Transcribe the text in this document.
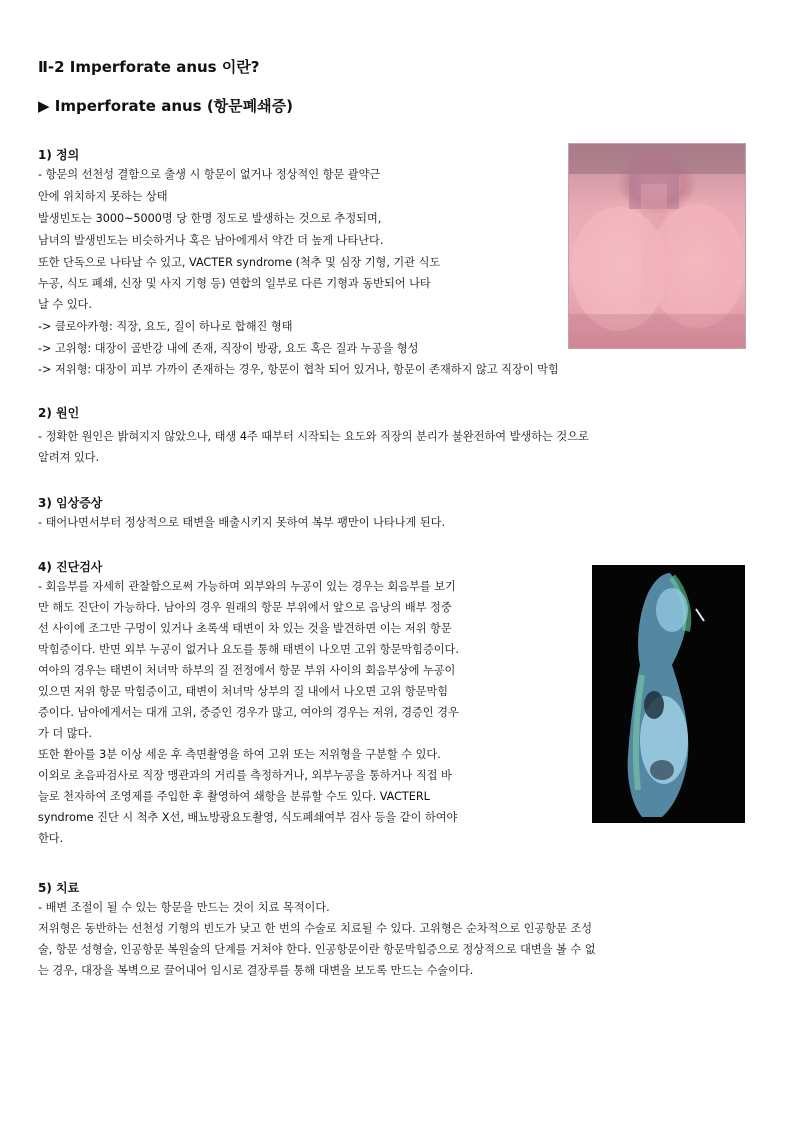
Ⅱ-2 Imperforate anus 이란?
▶ Imperforate anus (항문폐쇄증)
1) 정의
- 항문의 선천성 결함으로 출생 시 항문이 없거나 정상적인 항문 괄약근
안에 위치하지 못하는 상태
발생빈도는 3000~5000명 당 한명 정도로 발생하는 것으로 추정되며,
남녀의 발생빈도는 비슷하거나 혹은 남아에게서 약간 더 높게 나타난다.
또한 단독으로 나타날 수 있고, VACTER syndrome (척추 및 심장 기형, 기관 식도
누공, 식도 폐쇄, 신장 및 사지 기형 등) 연합의 일부로 다른 기형과 동반되어 나타
날 수 있다.
-> 클로아카형: 직장, 요도, 질이 하나로 합해진 형태
-> 고위형: 대장이 골반강 내에 존재, 직장이 방광, 요도 혹은 질과 누공을 형성
-> 저위형: 대장이 피부 가까이 존재하는 경우, 항문이 협착 되어 있거나, 항문이 존재하지 않고 직장이 막힘
2) 원인
- 정확한 원인은 밝혀지지 않았으나, 태생 4주 때부터 시작되는 요도와 직장의 분리가 불완전하여 발생하는 것으로
알려져 있다.
3) 임상증상
- 태어나면서부터 정상적으로 태변을 배출시키지 못하여 복부 팽만이 나타나게 된다.
4) 진단검사
- 회음부를 자세히 관찰함으로써 가능하며 외부와의 누공이 있는 경우는 회음부를 보기
만 해도 진단이 가능하다. 남아의 경우 원래의 항문 부위에서 앞으로 음낭의 배부 정중
선 사이에 조그만 구멍이 있거나 초록색 태변이 차 있는 것을 발견하면 이는 저위 항문
막힘증이다. 반면 외부 누공이 없거나 요도를 통해 태변이 나오면 고위 항문막힘증이다.
여아의 경우는 태변이 처녀막 하부의 질 전정에서 항문 부위 사이의 회음부상에 누공이
있으면 저위 항문 막힘증이고, 태변이 처녀막 상부의 질 내에서 나오면 고위 항문막힘
증이다. 남아에게서는 대개 고위, 중증인 경우가 많고, 여아의 경우는 저위, 경증인 경우
가 더 많다.
또한 환아를 3분 이상 세운 후 측면촬영을 하여 고위 또는 저위형을 구분할 수 있다.
이외로 초음파검사로 직장 맹관과의 거리를 측정하거나, 외부누공을 통하거나 직접 바
늘로 천자하여 조영제를 주입한 후 촬영하여 쇄항을 분류할 수도 있다. VACTERL
syndrome 진단 시 척추 X선, 배뇨방광요도촬영, 식도폐쇄여부 검사 등을 같이 하여야
한다.
5) 치료
- 배변 조절이 될 수 있는 항문을 만드는 것이 치료 목적이다.
저위형은 동반하는 선천성 기형의 빈도가 낮고 한 번의 수술로 치료될 수 있다. 고위형은 순차적으로 인공항문 조성
술, 항문 성형술, 인공항문 복원술의 단계를 거쳐야 한다. 인공항문이란 항문막힘증으로 정상적으로 대변을 볼 수 없
는 경우, 대장을 복벽으로 끌어내어 임시로 결장루를 통해 대변을 보도록 만드는 수술이다.
